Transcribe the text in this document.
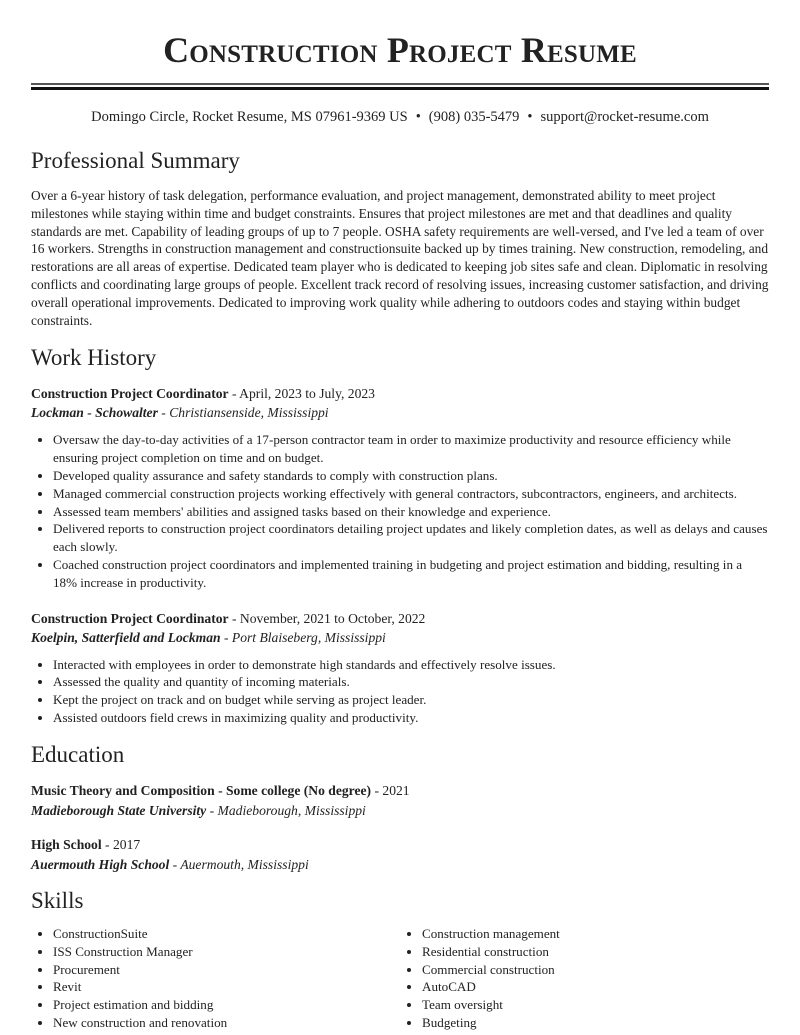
Construction Project Resume
Domingo Circle, Rocket Resume, MS 07961-9369 US • (908) 035-5479 • support@rocket-resume.com
Professional Summary
Over a 6-year history of task delegation, performance evaluation, and project management, demonstrated ability to meet project milestones while staying within time and budget constraints. Ensures that project milestones are met and that deadlines and quality standards are met. Capability of leading groups of up to 7 people. OSHA safety requirements are well-versed, and I've led a team of over 16 workers. Strengths in construction management and constructionsuite backed up by times training. New construction, remodeling, and restorations are all areas of expertise. Dedicated team player who is dedicated to keeping job sites safe and clean. Diplomatic in resolving conflicts and coordinating large groups of people. Excellent track record of resolving issues, increasing customer satisfaction, and driving overall operational improvements. Dedicated to improving work quality while adhering to outdoors codes and staying within budget constraints.
Work History
Construction Project Coordinator - April, 2023 to July, 2023
Lockman - Schowalter - Christiansenside, Mississippi
• Oversaw the day-to-day activities of a 17-person contractor team in order to maximize productivity and resource efficiency while ensuring project completion on time and on budget.
• Developed quality assurance and safety standards to comply with construction plans.
• Managed commercial construction projects working effectively with general contractors, subcontractors, engineers, and architects.
• Assessed team members' abilities and assigned tasks based on their knowledge and experience.
• Delivered reports to construction project coordinators detailing project updates and likely completion dates, as well as delays and causes each slowly.
• Coached construction project coordinators and implemented training in budgeting and project estimation and bidding, resulting in a 18% increase in productivity.
Construction Project Coordinator - November, 2021 to October, 2022
Koelpin, Satterfield and Lockman - Port Blaiseberg, Mississippi
• Interacted with employees in order to demonstrate high standards and effectively resolve issues.
• Assessed the quality and quantity of incoming materials.
• Kept the project on track and on budget while serving as project leader.
• Assisted outdoors field crews in maximizing quality and productivity.
Education
Music Theory and Composition - Some college (No degree) - 2021
Madieborough State University - Madieborough, Mississippi
High School - 2017
Auermouth High School - Auermouth, Mississippi
Skills
• ConstructionSuite
• ISS Construction Manager
• Procurement
• Revit
• Project estimation and bidding
• New construction and renovation
• Construction management
• Residential construction
• Commercial construction
• AutoCAD
• Team oversight
• Budgeting
